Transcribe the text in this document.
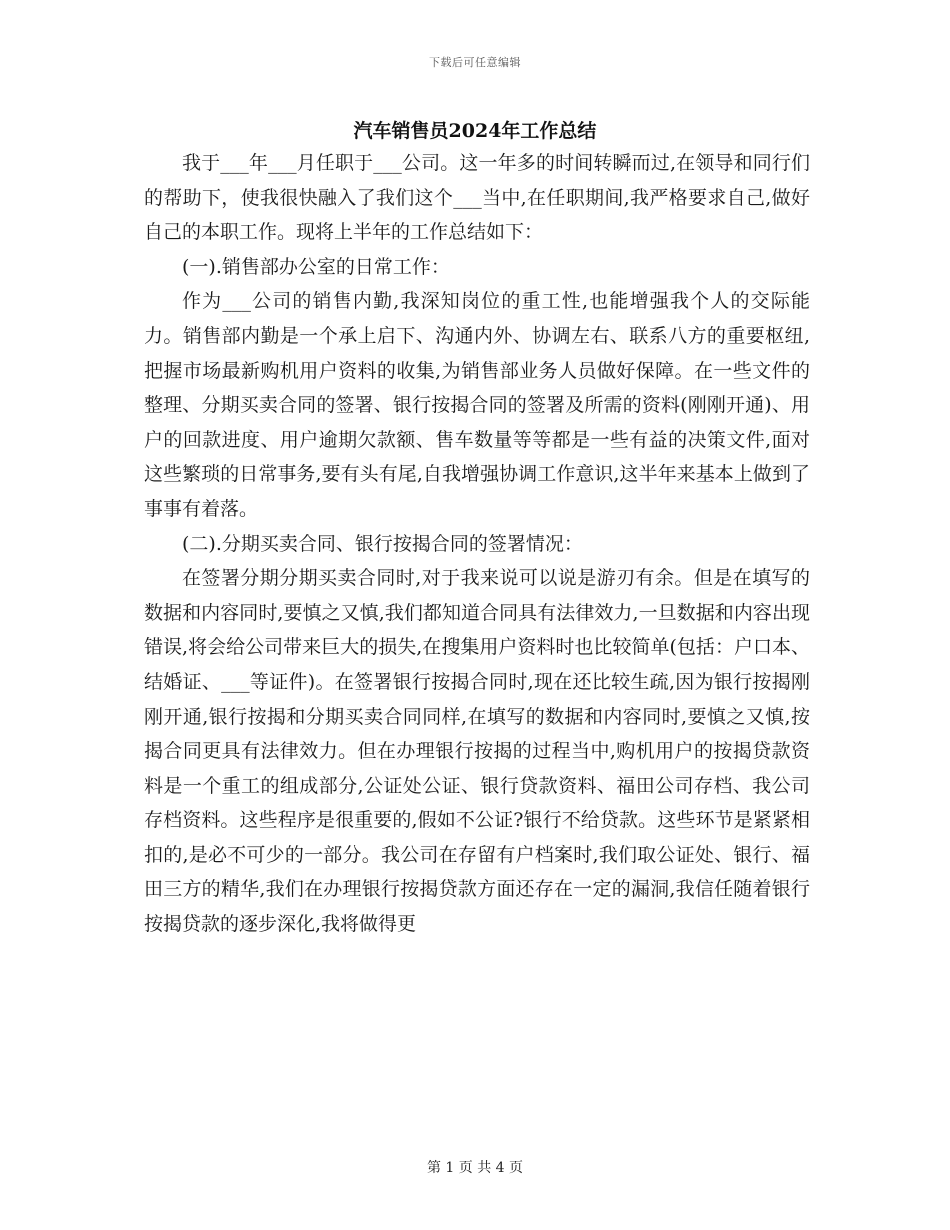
下载后可任意编辑
汽车销售员2024年工作总结

我于___年___月任职于___公司。这一年多的时间转瞬而过,在领导和同行们的帮助下，使我很快融入了我们这个___当中,在任职期间,我严格要求自己,做好自己的本职工作。现将上半年的工作总结如下：

(一).销售部办公室的日常工作：

作为___公司的销售内勤,我深知岗位的重工性,也能增强我个人的交际能力。销售部内勤是一个承上启下、沟通内外、协调左右、联系八方的重要枢纽,把握市场最新购机用户资料的收集,为销售部业务人员做好保障。在一些文件的整理、分期买卖合同的签署、银行按揭合同的签署及所需的资料(刚刚开通)、用户的回款进度、用户逾期欠款额、售车数量等等都是一些有益的决策文件,面对这些繁琐的日常事务,要有头有尾,自我增强协调工作意识,这半年来基本上做到了事事有着落。

(二).分期买卖合同、银行按揭合同的签署情况：

在签署分期分期买卖合同时,对于我来说可以说是游刃有余。但是在填写的数据和内容同时,要慎之又慎,我们都知道合同具有法律效力,一旦数据和内容出现错误,将会给公司带来巨大的损失,在搜集用户资料时也比较简单(包括：户口本、结婚证、___等证件)。在签署银行按揭合同时,现在还比较生疏,因为银行按揭刚刚开通,银行按揭和分期买卖合同同样,在填写的数据和内容同时,要慎之又慎,按揭合同更具有法律效力。但在办理银行按揭的过程当中,购机用户的按揭贷款资料是一个重工的组成部分,公证处公证、银行贷款资料、福田公司存档、我公司存档资料。这些程序是很重要的,假如不公证?银行不给贷款。这些环节是紧紧相扣的,是必不可少的一部分。我公司在存留有户档案时,我们取公证处、银行、福田三方的精华,我们在办理银行按揭贷款方面还存在一定的漏洞,我信任随着银行按揭贷款的逐步深化,我将做得更

第 1 页 共 4 页
